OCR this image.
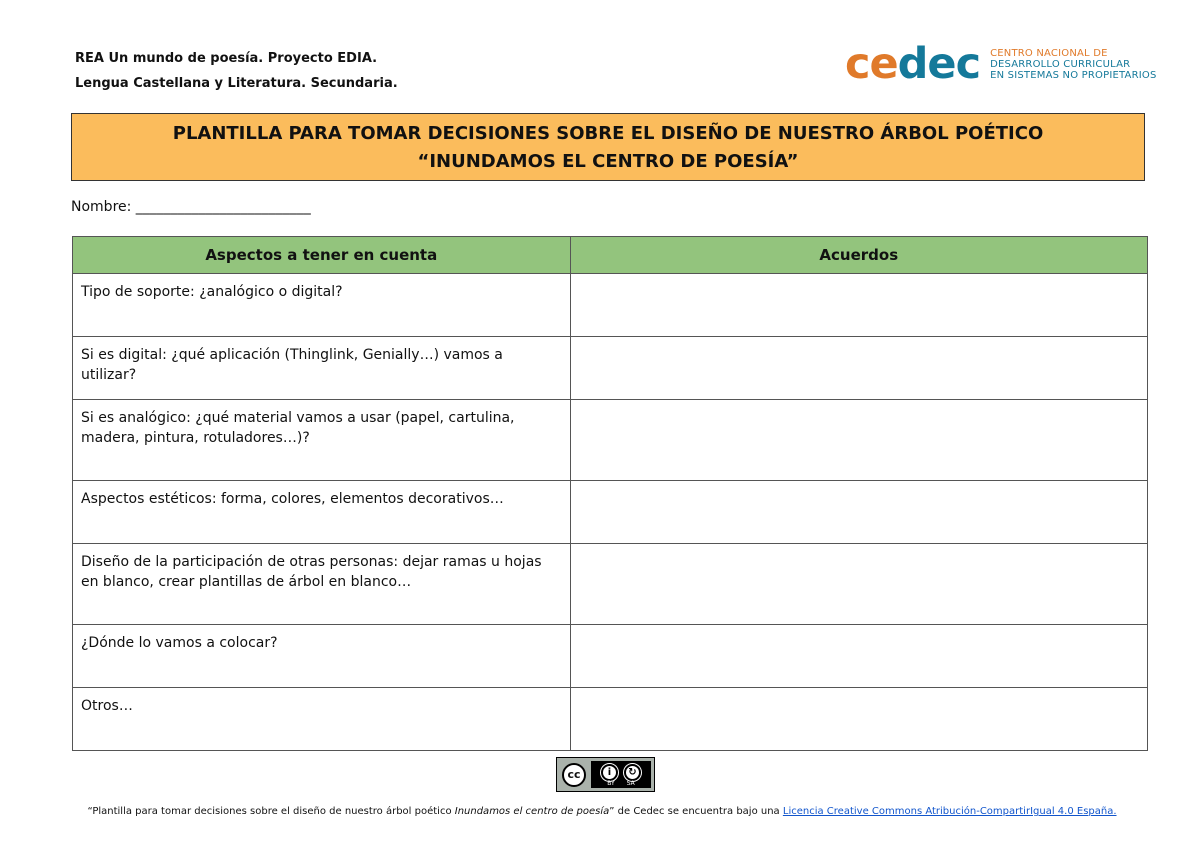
REA Un mundo de poesía. Proyecto EDIA.
Lengua Castellana y Literatura. Secundaria.	cedec CENTRO NACIONAL DE
DESARROLLO CURRICULAR
EN SISTEMAS NO PROPIETARIOS
PLANTILLA PARA TOMAR DECISIONES SOBRE EL DISEÑO DE NUESTRO ÁRBOL POÉTICO
“INUNDAMOS EL CENTRO DE POESÍA”
Nombre: _________________________
Aspectos a tener en cuenta	Acuerdos
Tipo de soporte: ¿analógico o digital?	
Si es digital: ¿qué aplicación (Thinglink, Genially…) vamos a utilizar?	
Si es analógico: ¿qué material vamos a usar (papel, cartulina, madera, pintura, rotuladores…)?	
Aspectos estéticos: forma, colores, elementos decorativos…	
Diseño de la participación de otras personas: dejar ramas u hojas en blanco, crear plantillas de árbol en blanco…	
¿Dónde lo vamos a colocar?	
Otros…	
cc	i	↻
BY SA
“Plantilla para tomar decisiones sobre el diseño de nuestro árbol poético Inundamos el centro de poesía” de Cedec se encuentra bajo una Licencia Creative Commons Atribución-CompartirIgual 4.0 España.
